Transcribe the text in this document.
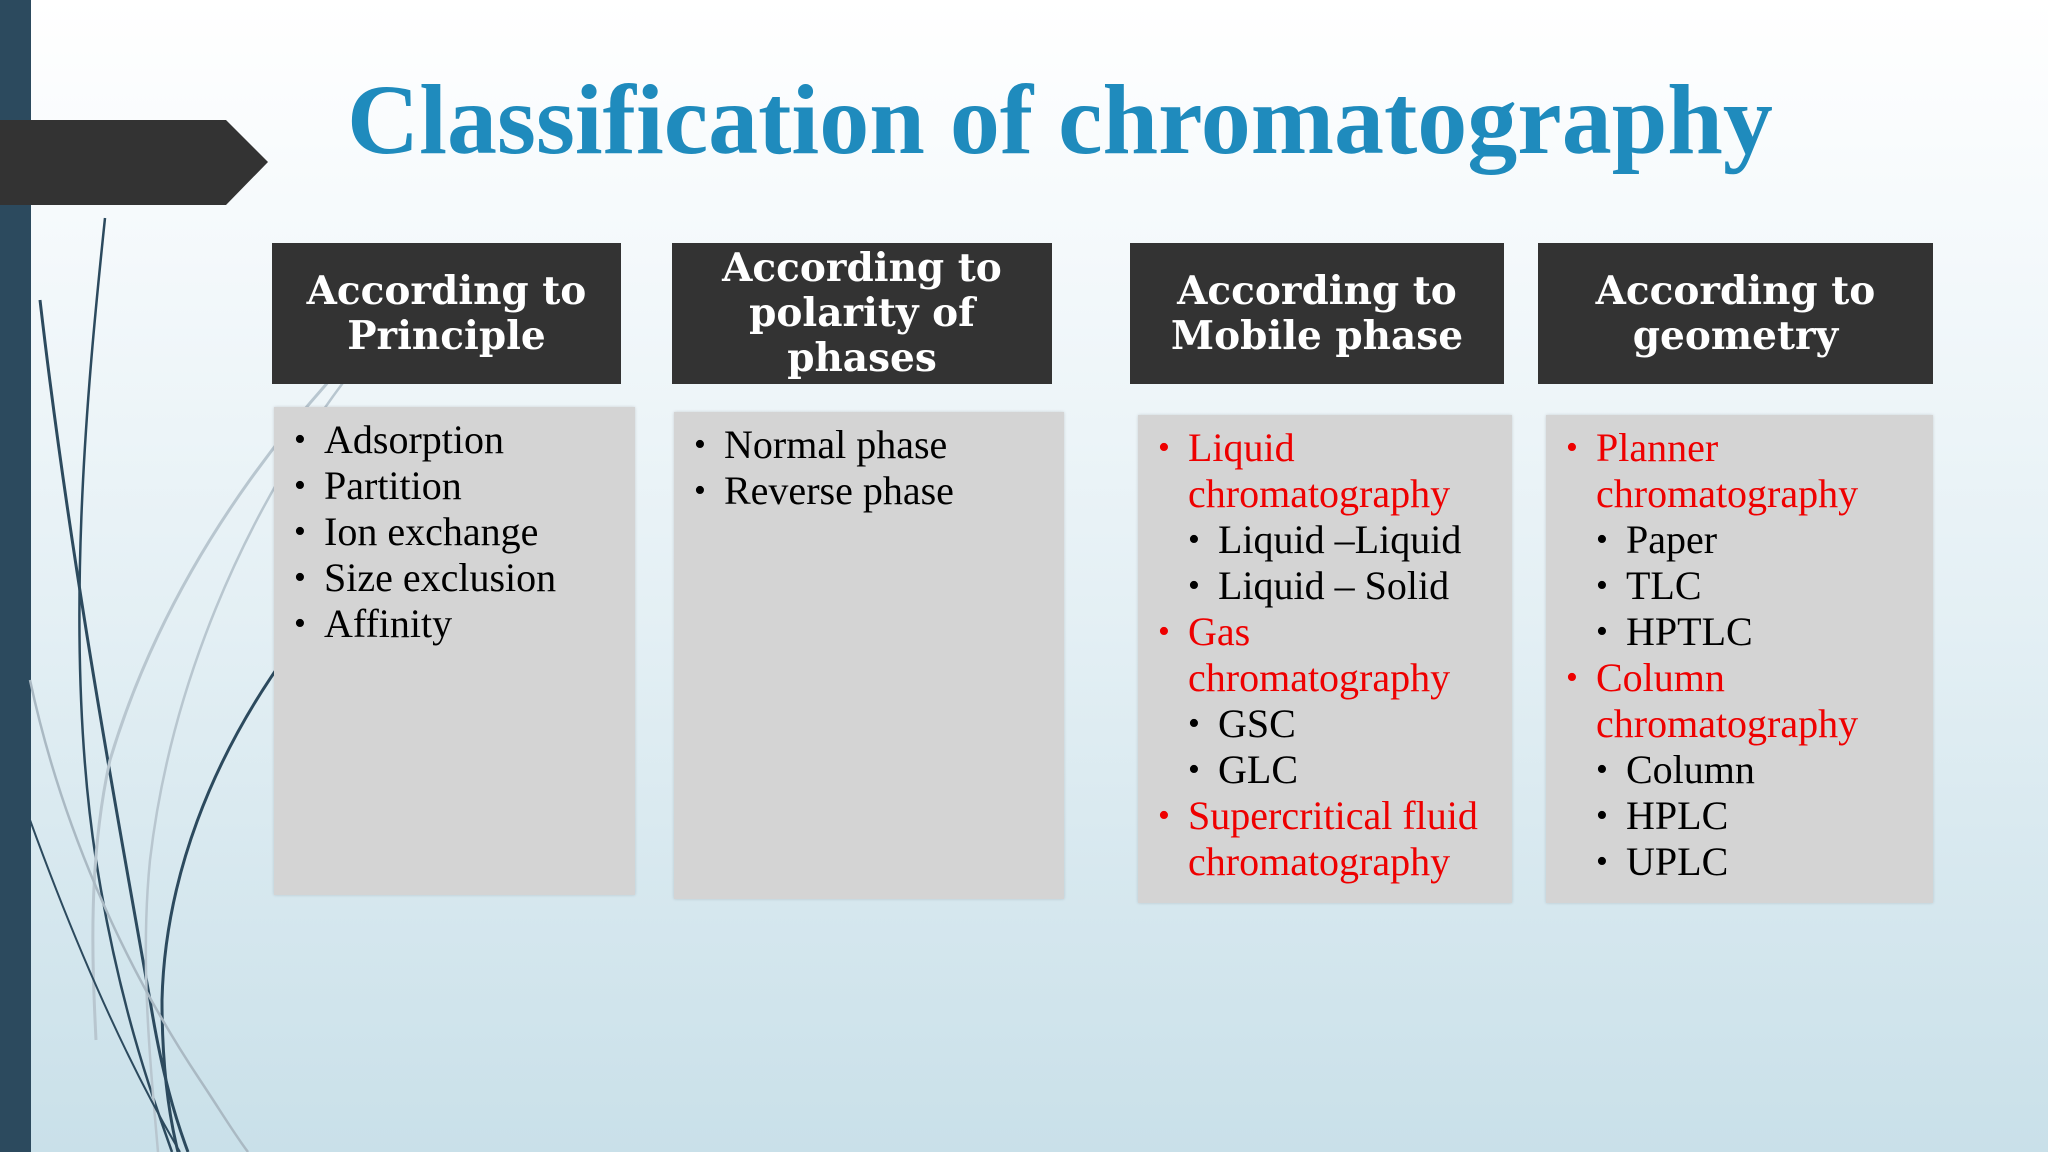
Classification of chromatography
According to
Principle
• Adsorption
• Partition
• Ion exchange
• Size exclusion
• Affinity
According to
polarity of phases
• Normal phase
• Reverse phase
According to
Mobile phase
• Liquid chromatography
• Liquid –Liquid
• Liquid – Solid
• Gas chromatography
• GSC
• GLC
• Supercritical fluid chromatography
According to
geometry
• Planner chromatography
• Paper
• TLC
• HPTLC
• Column chromatography
• Column
• HPLC
• UPLC
